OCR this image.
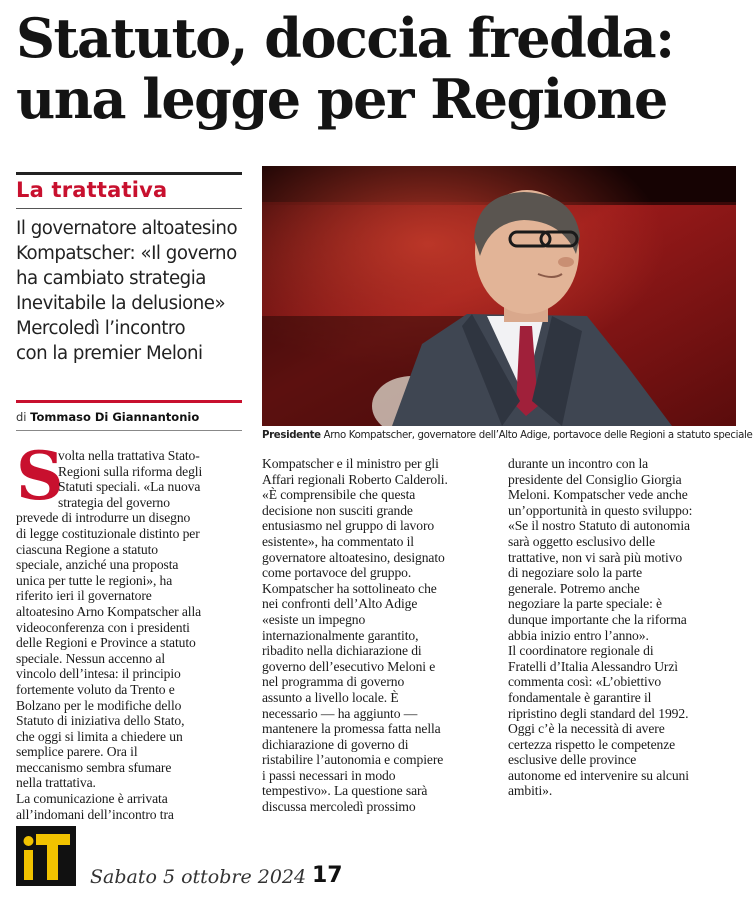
Statuto, doccia fredda:
una legge per Regione
La trattativa
Il governatore altoatesino
Kompatscher: «Il governo
ha cambiato strategia
Inevitabile la delusione»
Mercoledì l’incontro
con la premier Meloni
di Tommaso Di Giannantonio
Presidente Arno Kompatscher, governatore dell’Alto Adige, portavoce delle Regioni a statuto speciale
S
volta nella trattativa Stato-
Regioni sulla riforma degli
Statuti speciali. «La nuova
strategia del governo
prevede di introdurre un disegno
di legge costituzionale distinto per
ciascuna Regione a statuto
speciale, anziché una proposta
unica per tutte le regioni», ha
riferito ieri il governatore
altoatesino Arno Kompatscher alla
videoconferenza con i presidenti
delle Regioni e Province a statuto
speciale. Nessun accenno al
vincolo dell’intesa: il principio
fortemente voluto da Trento e
Bolzano per le modifiche dello
Statuto di iniziativa dello Stato,
che oggi si limita a chiedere un
semplice parere. Ora il
meccanismo sembra sfumare
nella trattativa.
La comunicazione è arrivata
all’indomani dell’incontro tra
Kompatscher e il ministro per gli
Affari regionali Roberto Calderoli.
«È comprensibile che questa
decisione non susciti grande
entusiasmo nel gruppo di lavoro
esistente», ha commentato il
governatore altoatesino, designato
come portavoce del gruppo.
Kompatscher ha sottolineato che
nei confronti dell’Alto Adige
«esiste un impegno
internazionalmente garantito,
ribadito nella dichiarazione di
governo dell’esecutivo Meloni e
nel programma di governo
assunto a livello locale. È
necessario — ha aggiunto —
mantenere la promessa fatta nella
dichiarazione di governo di
ristabilire l’autonomia e compiere
i passi necessari in modo
tempestivo». La questione sarà
discussa mercoledì prossimo
durante un incontro con la
presidente del Consiglio Giorgia
Meloni. Kompatscher vede anche
un’opportunità in questo sviluppo:
«Se il nostro Statuto di autonomia
sarà oggetto esclusivo delle
trattative, non vi sarà più motivo
di negoziare solo la parte
generale. Potremo anche
negoziare la parte speciale: è
dunque importante che la riforma
abbia inizio entro l’anno».
Il coordinatore regionale di
Fratelli d’Italia Alessandro Urzì
commenta così: «L’obiettivo
fondamentale è garantire il
ripristino degli standard del 1992.
Oggi c’è la necessità di avere
certezza rispetto le competenze
esclusive delle province
autonome ed intervenire su alcuni
ambiti».
Sabato 5 ottobre 2024 17
